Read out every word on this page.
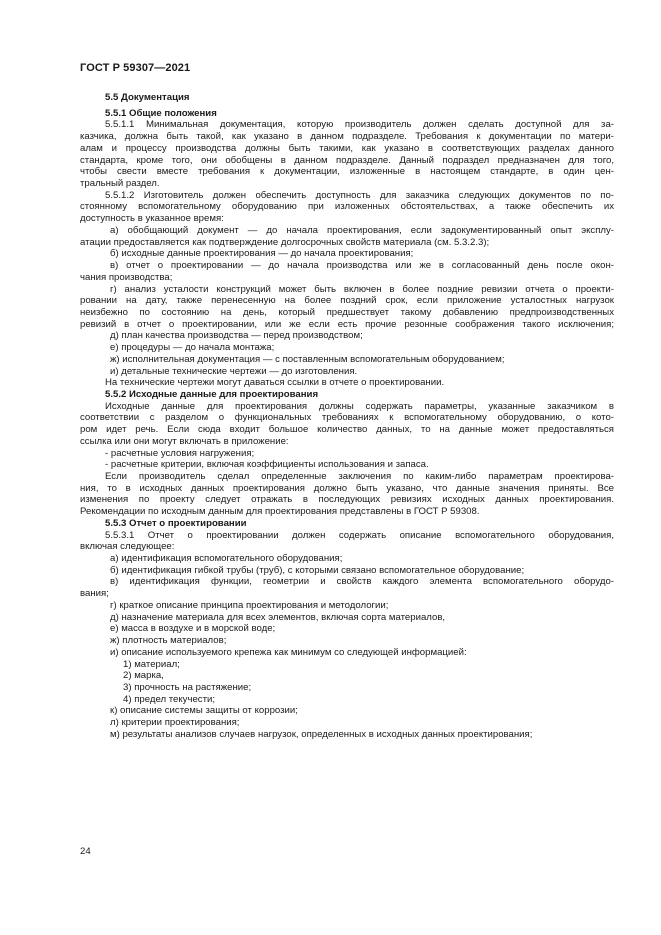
ГОСТ Р 59307—2021
5.5 Документация
5.5.1 Общие положения
5.5.1.1 Минимальная документация, которую производитель должен сделать доступной для за-
казчика, должна быть такой, как указано в данном подразделе. Требования к документации по матери-
алам и процессу производства должны быть такими, как указано в соответствующих разделах данного
стандарта, кроме того, они обобщены в данном подразделе. Данный подраздел предназначен для того,
чтобы свести вместе требования к документации, изложенные в настоящем стандарте, в один цен-
тральный раздел.
5.5.1.2 Изготовитель должен обеспечить доступность для заказчика следующих документов по по-
стоянному вспомогательному оборудованию при изложенных обстоятельствах, а также обеспечить их
доступность в указанное время:
а) обобщающий документ — до начала проектирования, если задокументированный опыт эксплу-
атации предоставляется как подтверждение долгосрочных свойств материала (см. 5.3.2.3);
б) исходные данные проектирования — до начала проектирования;
в) отчет о проектировании — до начала производства или же в согласованный день после окон-
чания производства;
г) анализ усталости конструкций может быть включен в более поздние ревизии отчета о проекти-
ровании на дату, также перенесенную на более поздний срок, если приложение усталостных нагрузок
неизбежно по состоянию на день, который предшествует такому добавлению предпроизводственных
ревизий в отчет о проектировании, или же если есть прочие резонные соображения такого исключения;
д) план качества производства — перед производством;
е) процедуры — до начала монтажа;
ж) исполнительная документация — с поставленным вспомогательным оборудованием;
и) детальные технические чертежи — до изготовления.
На технические чертежи могут даваться ссылки в отчете о проектировании.
5.5.2 Исходные данные для проектирования
Исходные данные для проектирования должны содержать параметры, указанные заказчиком в
соответствии с разделом о функциональных требованиях к вспомогательному оборудованию, о кото-
ром идет речь. Если сюда входит большое количество данных, то на данные может предоставляться
ссылка или они могут включать в приложение:
- расчетные условия нагружения;
- расчетные критерии, включая коэффициенты использования и запаса.
Если производитель сделал определенные заключения по каким-либо параметрам проектирова-
ния, то в исходных данных проектирования должно быть указано, что данные значения приняты. Все
изменения по проекту следует отражать в последующих ревизиях исходных данных проектирования.
Рекомендации по исходным данным для проектирования представлены в ГОСТ Р 59308.
5.5.3 Отчет о проектировании
5.5.3.1 Отчет о проектировании должен содержать описание вспомогательного оборудования,
включая следующее:
а) идентификация вспомогательного оборудования;
б) идентификация гибкой трубы (труб), с которыми связано вспомогательное оборудование;
в) идентификация функции, геометрии и свойств каждого элемента вспомогательного оборудо-
вания;
г) краткое описание принципа проектирования и методологии;
д) назначение материала для всех элементов, включая сорта материалов,
е) масса в воздухе и в морской воде;
ж) плотность материалов;
и) описание используемого крепежа как минимум со следующей информацией:
1) материал;
2) марка,
3) прочность на растяжение;
4) предел текучести;
к) описание системы защиты от коррозии;
л) критерии проектирования;
м) результаты анализов случаев нагрузок, определенных в исходных данных проектирования;
24
